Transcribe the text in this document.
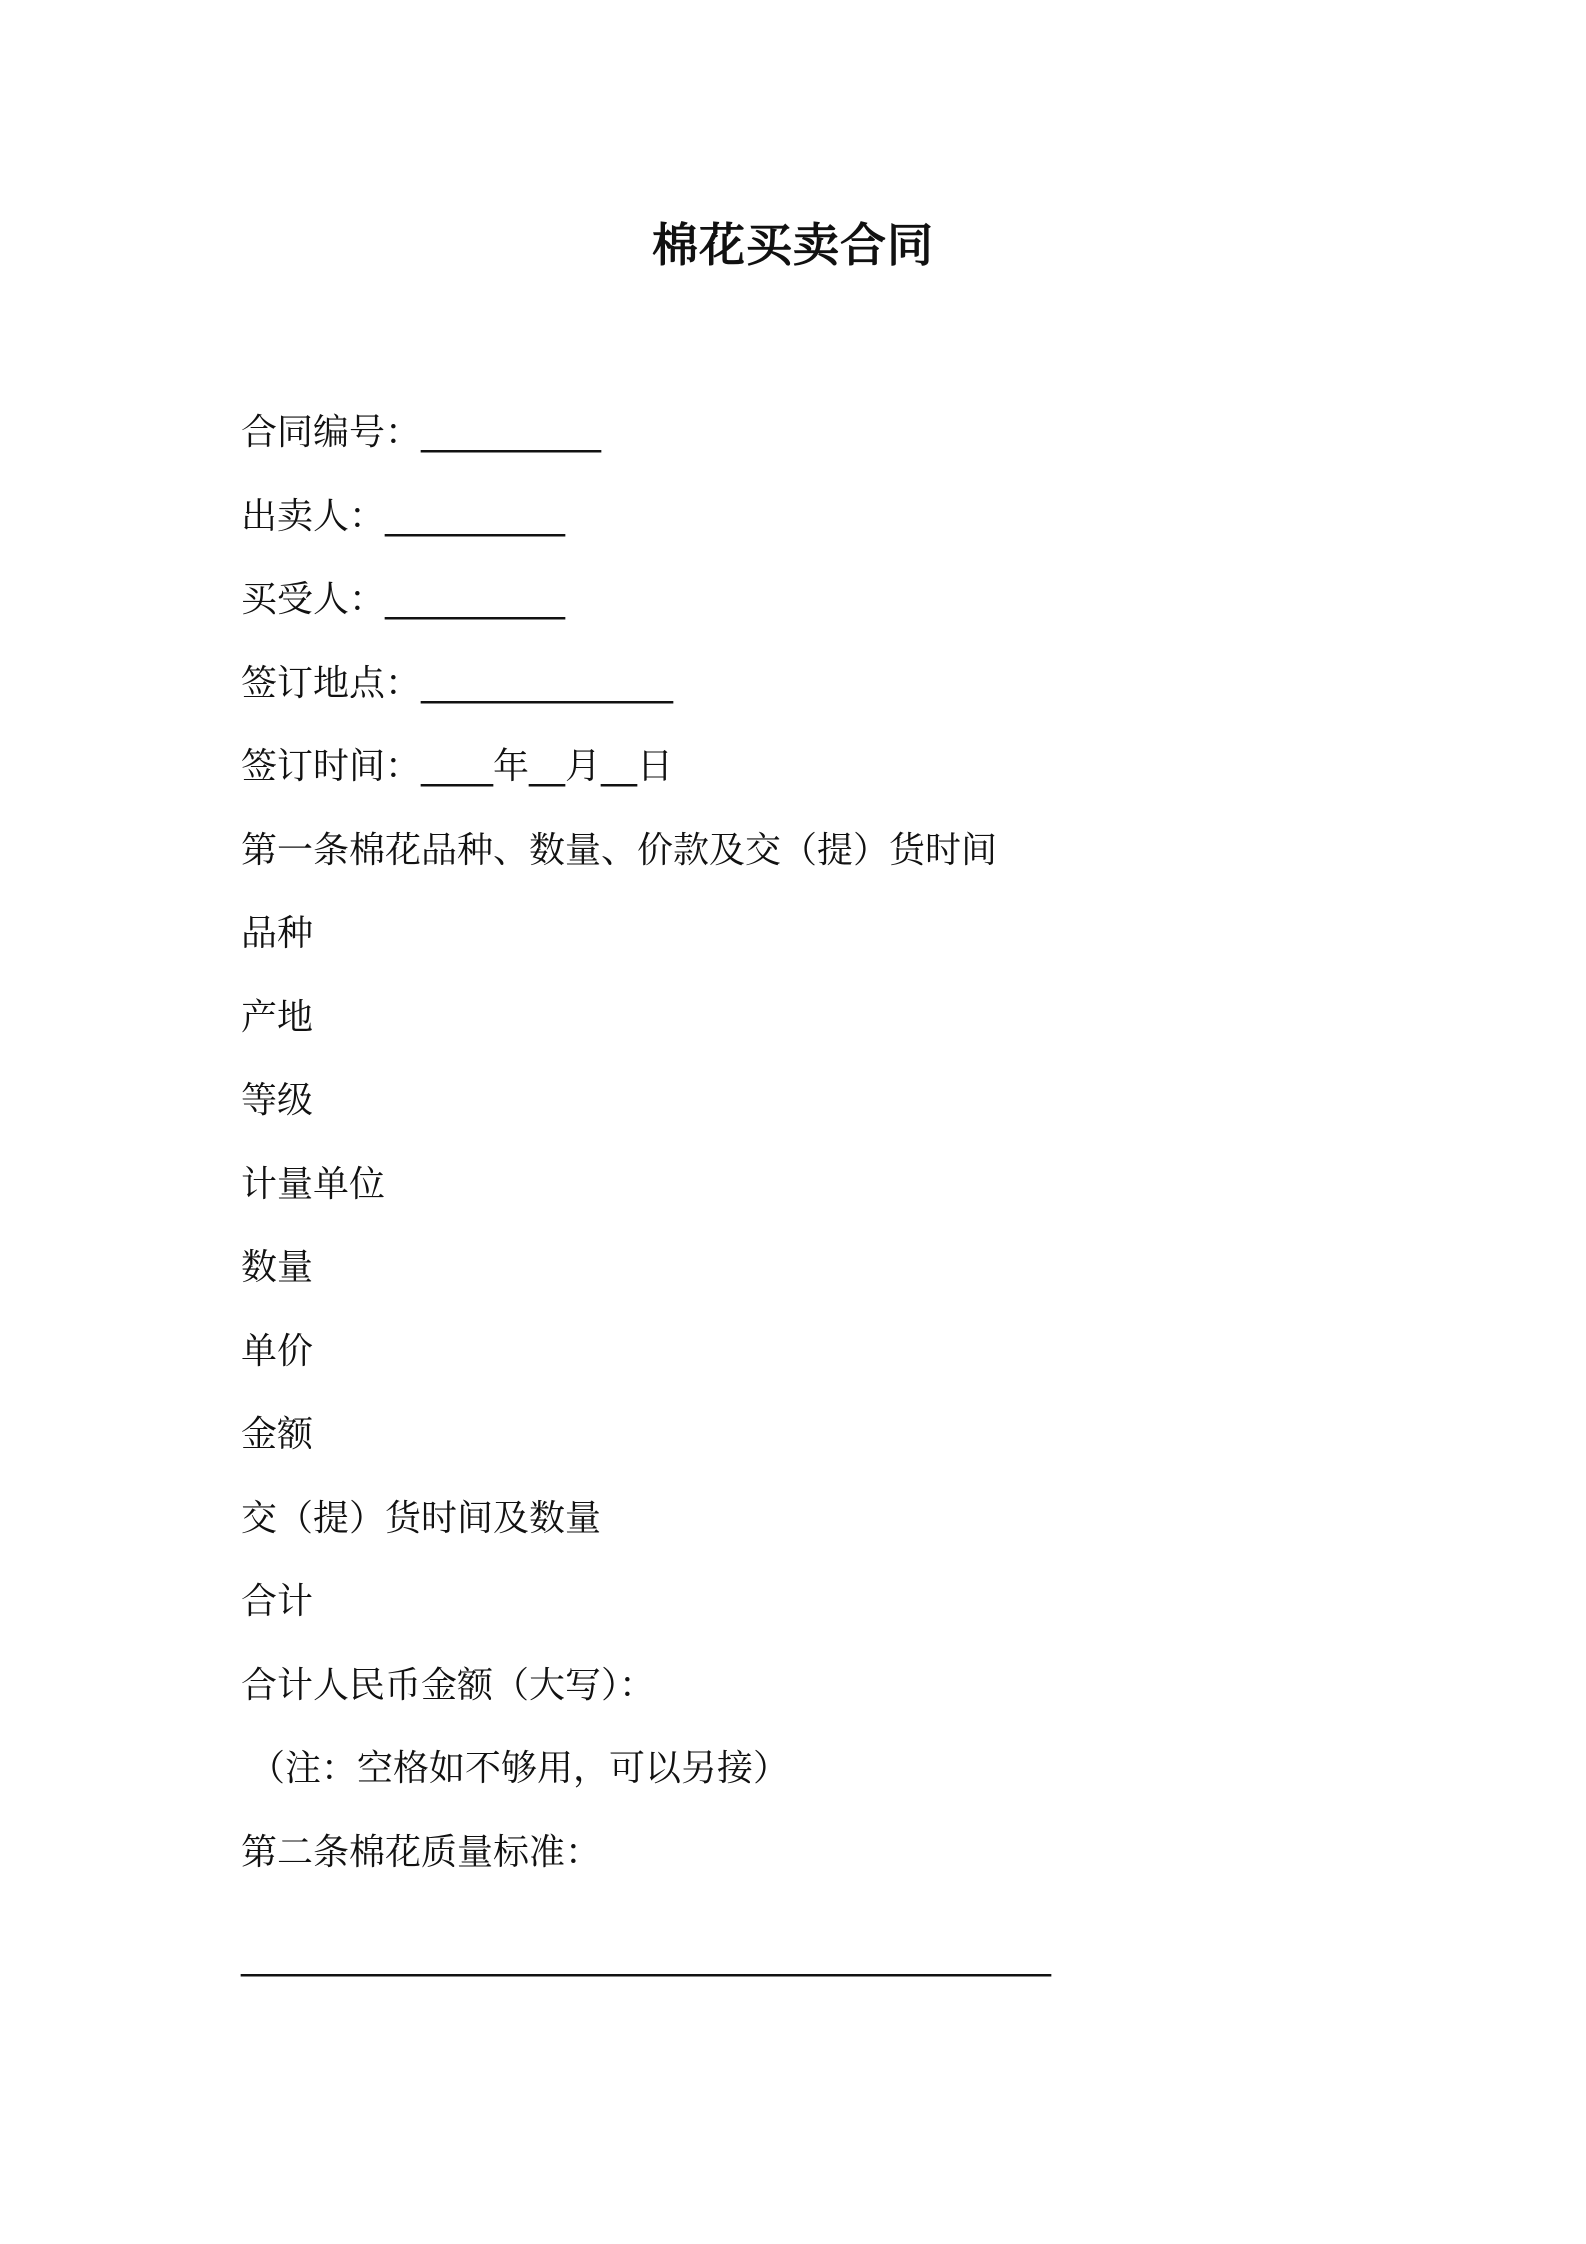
棉花买卖合同
合同编号：__________
出卖人：__________
买受人：__________
签订地点：______________
签订时间：____年__月__日
第一条棉花品种、数量、价款及交（提）货时间
品种
产地
等级
计量单位
数量
单价
金额
交（提）货时间及数量
合计
合计人民币金额（大写）：
（注：空格如不够用，可以另接）
第二条棉花质量标准：
_____________________________________________
